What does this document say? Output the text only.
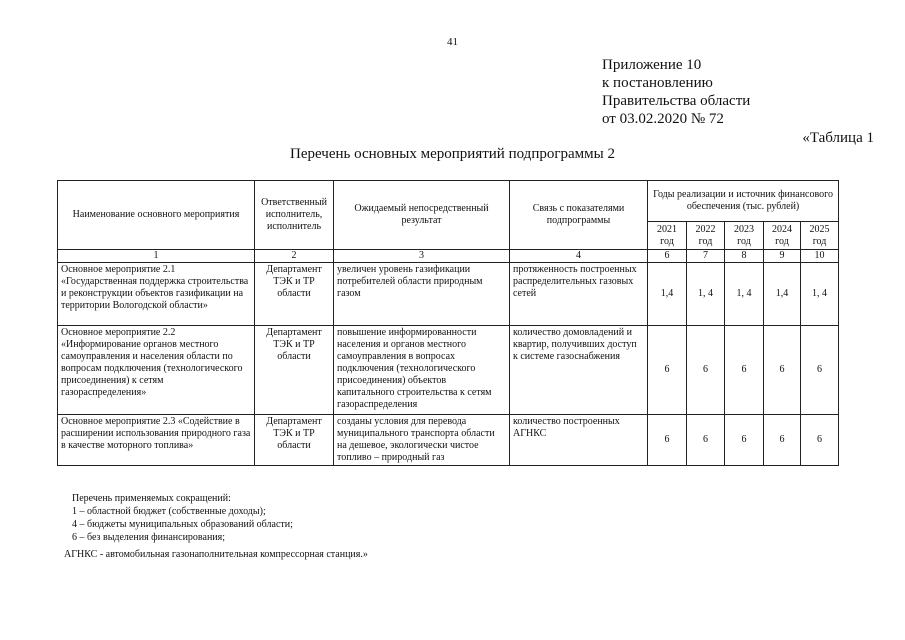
41
Приложение 10
к постановлению
Правительства области
от 03.02.2020 № 72
«Таблица 1
Перечень основных мероприятий подпрограммы 2
Наименование основного мероприятия	Ответственный исполнитель, исполнитель	Ожидаемый непосредственный результат	Связь с показателями подпрограммы	Годы реализации и источник финансового обеспечения (тыс. рублей)				
				2021 год	2022 год	2023 год	2024 год	2025 год
1	2	3	4	6	7	8	9	10
Основное мероприятие 2.1 «Государственная поддержка строительства и реконструкции объектов газификации на территории Вологодской области»	Департамент ТЭК и ТР области	увеличен уровень газификации потребителей области природным газом	протяженность построенных распределительных газовых сетей	1,4	1, 4	1, 4	1,4	1, 4
Основное мероприятие 2.2 «Информирование органов местного самоуправления и населения области по вопросам подключения (технологического присоединения) к сетям газораспределения»	Департамент ТЭК и ТР области	повышение информированности населения и органов местного самоуправления в вопросах подключения (технологического присоединения) объектов капитального строительства к сетям газораспределения	количество домовладений и квартир, получивших доступ к системе газоснабжения	6	6	6	6	6
Основное мероприятие 2.3 «Содействие в расширении использования природного газа в качестве моторного топлива»	Департамент ТЭК и ТР области	созданы условия для перевода муниципального транспорта области на дешевое, экологически чистое топливо – природный газ	количество построенных АГНКС	6	6	6	6	6
Перечень применяемых сокращений:
1 – областной бюджет (собственные доходы);
4 – бюджеты муниципальных образований области;
6 – без выделения финансирования;
АГНКС - автомобильная газонаполнительная компрессорная станция.»
